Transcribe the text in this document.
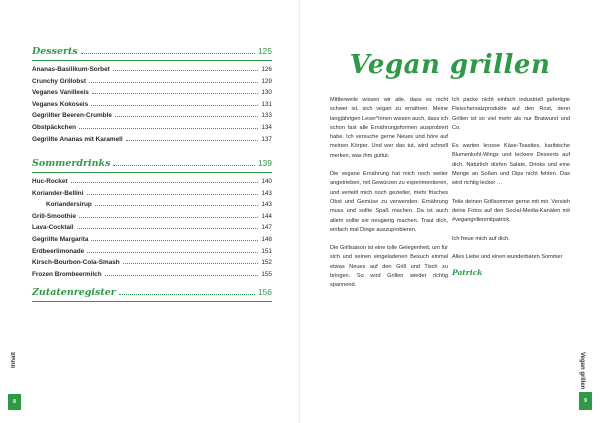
Desserts	125
Ananas-Basilikum-Sorbet	126
Crunchy Grillobst	129
Veganes Vanilleeis	130
Veganes Kokoseis	131
Gegrillter Beeren-Crumble	133
Obstpäckchen	134
Gegrillte Ananas mit Karamell	137
Sommerdrinks	139
Huc-Rocket	140
Koriander-Bellini	143
Koriandersirup	143
Grill-Smoothie	144
Lava-Cocktail	147
Gegrillte Margarita	148
Erdbeerlimonade	151
Kirsch-Bourbon-Cola-Smash	152
Frozen Brombeermilch	155
Zutatenregister	156
Inhalt
8
Vegan grillen

Mittlerweile wissen wir alle, dass es nicht schwer ist, sich vegan zu ernähren. Meine langjährigen Leser*innen wissen auch, dass ich schon fast alle Ernährungsformen ausprobiert habe. Ich versuche gerne Neues und höre auf meinen Körper. Und wer das tut, wird schnell merken, was ihm guttut.

Die vegane Ernährung hat mich noch weiter angetrieben, mit Gewürzen zu experimentieren, und verteilt mich noch gezielter, mehr frisches Obst und Gemüse zu verwenden. Ernährung muss und sollte Spaß machen. Da ist auch allem sollte sie neugierig machen. Traut dich, einfach mal Dinge auszuprobieren.

Die Grillsaison ist eine tolle Gelegenheit, um für sich und seinen eingeladenen Besuch einmal etwas Neues auf den Grill und Tisch zu bringen. So wird Grillen wieder richtig spannend.

Ich packe nicht einfach industriell gefertigte Fleischersatzprodukte auf den Rost, denn Grillen ist so viel mehr als nur Bratwurst und Co.

Es warten krosse Käse-Toasties, karibische Blumenkohl-Wings und leckere Desserts auf dich. Natürlich dürfen Salate, Drinks und eine Menge an Soßen und Dips nicht fehlen. Das wird richtig lecker …

Teile deinen Grillsommer gerne mit mir. Versieh deine Fotos auf den Social-Media-Kanälen mit #vegangrillenmitpatrick.

Ich freue mich auf dich.

Alles Liebe und einen wunderbaren Sommer

Patrick
Vegan grillen
9
